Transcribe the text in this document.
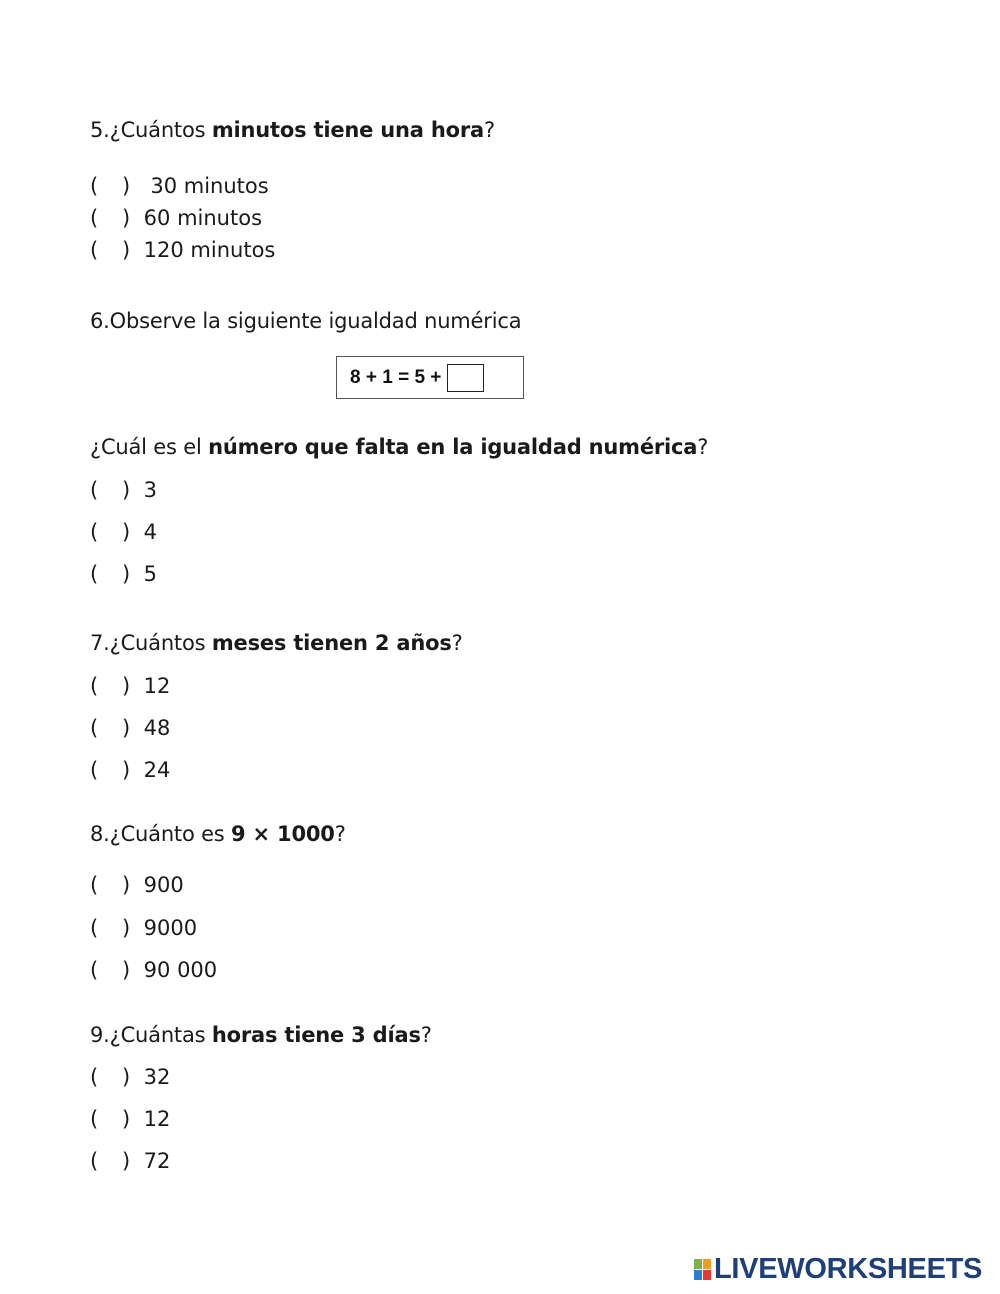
5.¿Cuántos minutos tiene una hora?
( )  30 minutos
( ) 60 minutos
( ) 120 minutos
6.Observe la siguiente igualdad numérica
8 + 1 = 5 +
¿Cuál es el número que falta en la igualdad numérica?
( ) 3
( ) 4
( ) 5
7.¿Cuántos meses tienen 2 años?
( ) 12
( ) 48
( ) 24
8.¿Cuánto es 9 × 1000?
( ) 900
( ) 9000
( ) 90 000
9.¿Cuántas horas tiene 3 días?
( ) 32
( ) 12
( ) 72
LIVEWORKSHEETS
